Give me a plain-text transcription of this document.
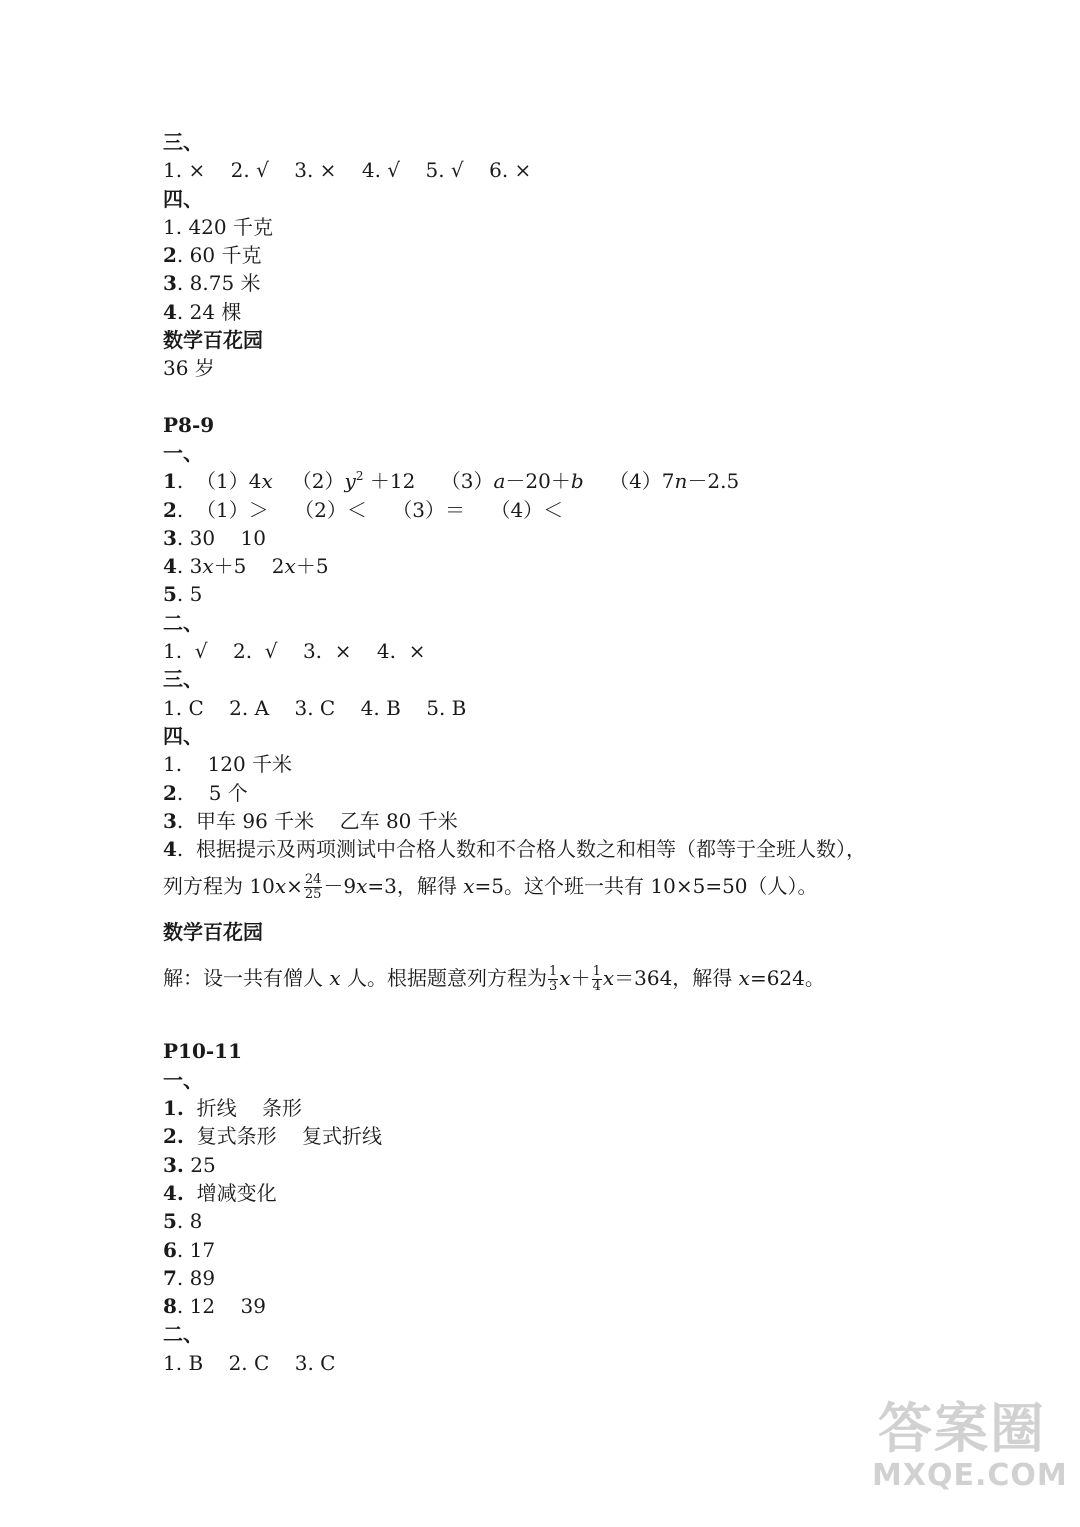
三、
1. ×    2. √    3. ×    4. √    5. √    6. ×
四、
1. 420 千克
2. 60 千克
3. 8.75 米
4. 24 棵
数学百花园
36 岁
P8-9
一、
1.  （1）4x   $(2)y^2 +12$    （3）a－20＋b    （4）7n－2.5
2.  （1）＞    （2）＜    （3）＝    （4）＜
3. 30    10
4. 3x＋5    2x＋5
5. 5
二、
1.  √    2.  √    3.  ×    4.  ×
三、
1. C    2. A    3. C    4. B    5. B
四、
1.    120 千米
2.    5 个
3.  甲车 96 千米    乙车 80 千米
4.  根据提示及两项测试中合格人数和不合格人数之和相等（都等于全班人数），
列方程为 $10x\times \frac{24}{25} -9x=3$，解得 x=5。这个班一共有 10×5=50（人）。
数学百花园
解：设一共有僧人 x 人。根据题意列方程为 $\frac{1}{3} x+ \frac{1}{4} x=364$，解得 x=624。
P10-11
一、
1.  折线    条形
2.  复式条形    复式折线
3. 25
4.  增减变化
5. 8
6. 17
7. 89
8. 12    39
二、
1. B    2. C    3. C
答案圈
MXQE.COM
